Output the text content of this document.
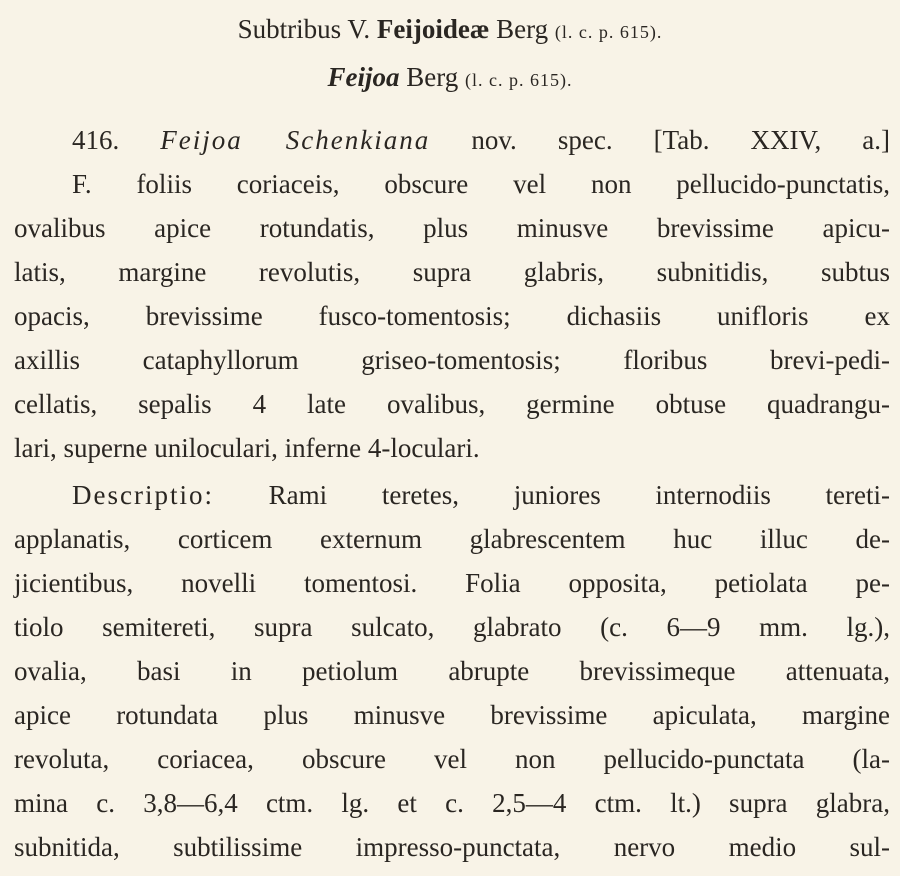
Subtribus V. Feijoideæ Berg (l. c. p. 615).
Feijoa Berg (l. c. p. 615).
416. Feijoa Schenkiana nov. spec. [Tab. XXIV, a.]
F. foliis coriaceis, obscure vel non pellucido-punctatis,
ovalibus apice rotundatis, plus minusve brevissime apicu-
latis, margine revolutis, supra glabris, subnitidis, subtus
opacis, brevissime fusco-tomentosis; dichasiis unifloris ex
axillis cataphyllorum griseo-tomentosis; floribus brevi-pedi-
cellatis, sepalis 4 late ovalibus, germine obtuse quadrangu-
lari, superne uniloculari, inferne 4-loculari.
Descriptio: Rami teretes, juniores internodiis tereti-
applanatis, corticem externum glabrescentem huc illuc de-
jicientibus, novelli tomentosi. Folia opposita, petiolata pe-
tiolo semitereti, supra sulcato, glabrato (c. 6—9 mm. lg.),
ovalia, basi in petiolum abrupte brevissimeque attenuata,
apice rotundata plus minusve brevissime apiculata, margine
revoluta, coriacea, obscure vel non pellucido-punctata (la-
mina c. 3,8—6,4 ctm. lg. et c. 2,5—4 ctm. lt.) supra glabra,
subnitida, subtilissime impresso-punctata, nervo medio sul-
